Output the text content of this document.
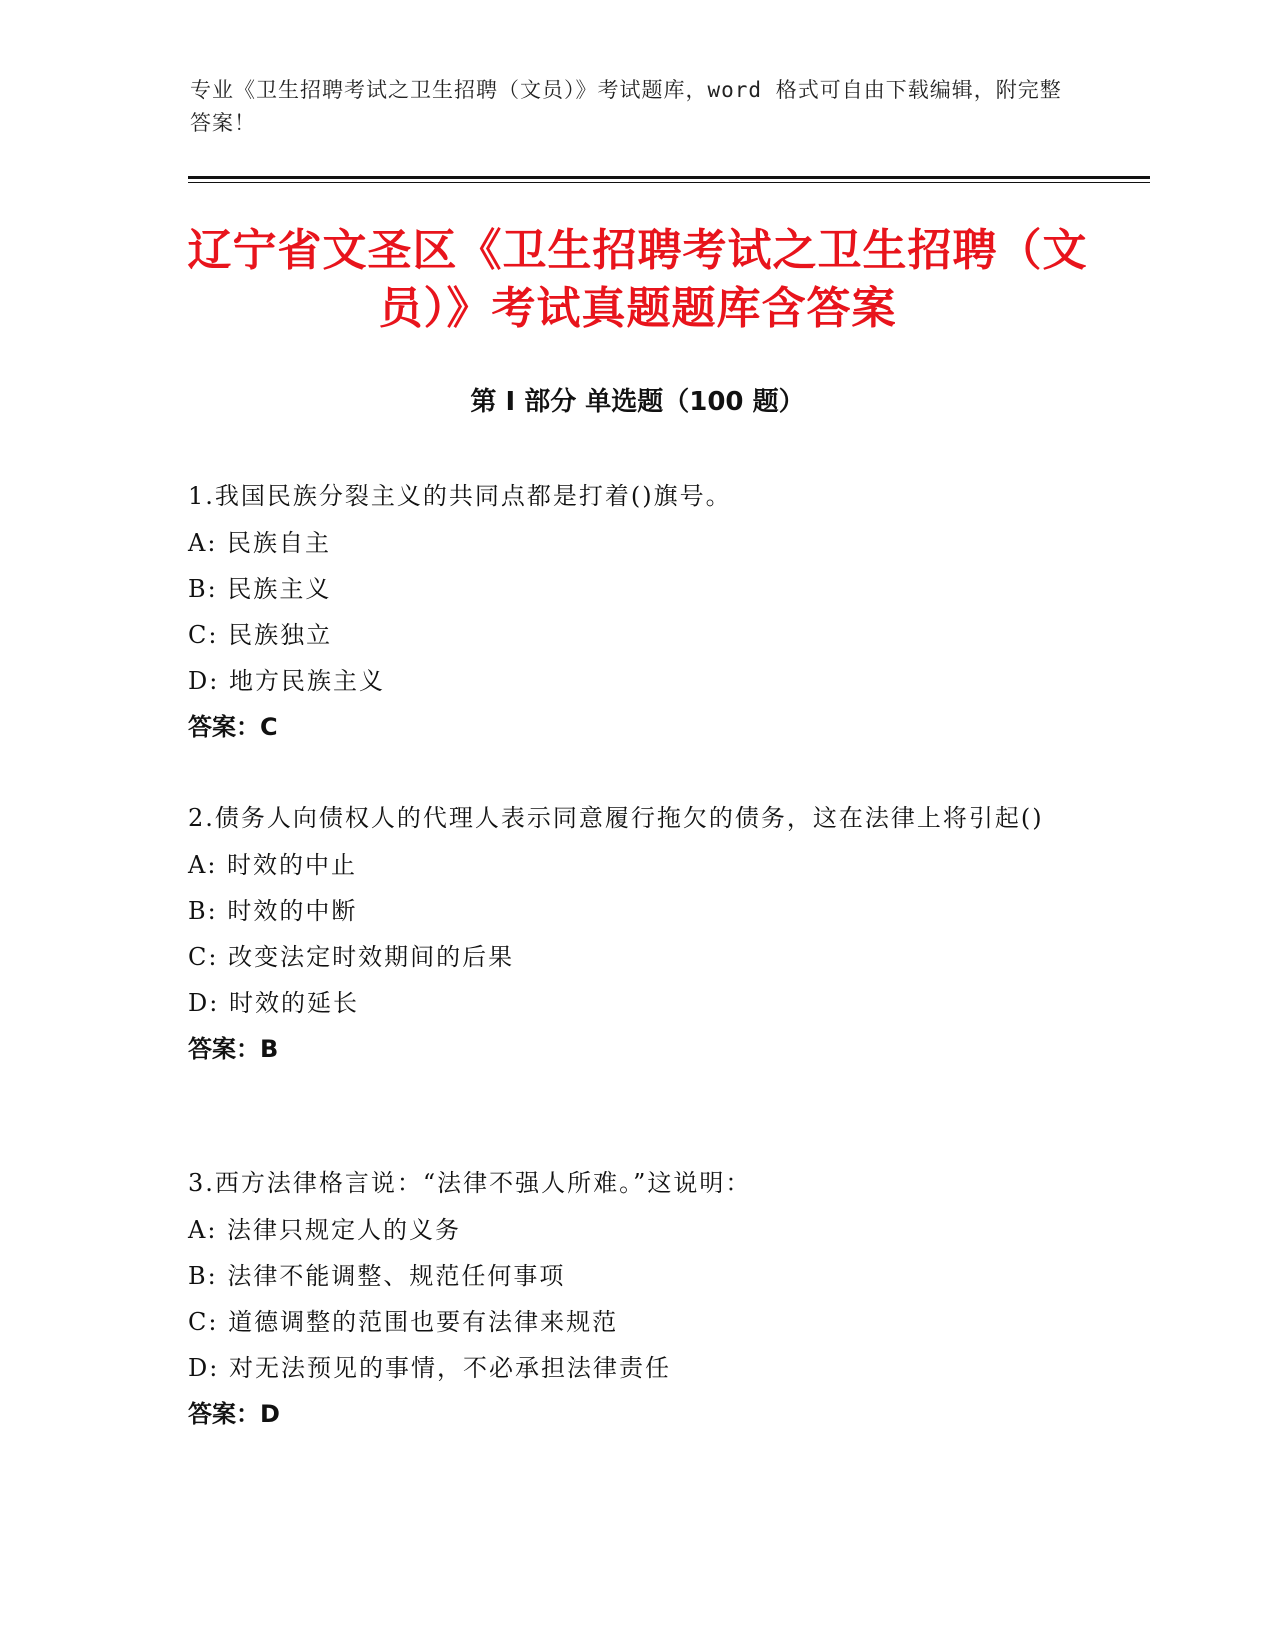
专业《卫生招聘考试之卫生招聘（文员）》考试题库，word 格式可自由下载编辑，附完整答案！
辽宁省文圣区《卫生招聘考试之卫生招聘（文员）》考试真题题库含答案
第 I 部分 单选题（100 题）
1.我国民族分裂主义的共同点都是打着()旗号。
A: 民族自主
B: 民族主义
C: 民族独立
D: 地方民族主义
答案：C
2.债务人向债权人的代理人表示同意履行拖欠的债务，这在法律上将引起()
A: 时效的中止
B: 时效的中断
C: 改变法定时效期间的后果
D: 时效的延长
答案：B
3.西方法律格言说：“法律不强人所难。”这说明：
A: 法律只规定人的义务
B: 法律不能调整、规范任何事项
C: 道德调整的范围也要有法律来规范
D: 对无法预见的事情，不必承担法律责任
答案：D
